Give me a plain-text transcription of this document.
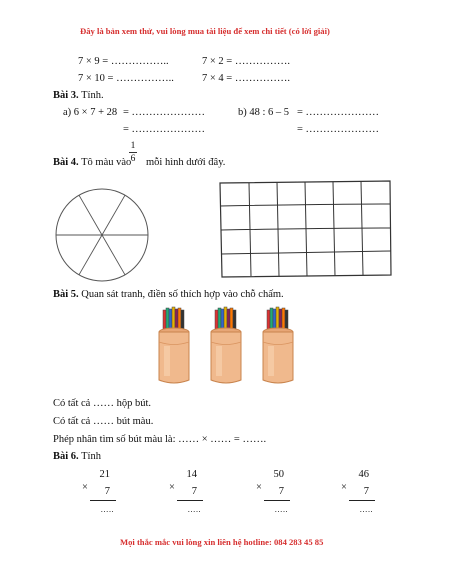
Đây là bản xem thử, vui lòng mua tài liệu để xem chi tiết (có lời giải)
7 × 9 = ……………..	7 × 2 = …………….
7 × 10 = ……………..	7 × 4 = …………….
Bài 3. Tính.
a) 6 × 7 + 28 = …………………
= …………………
b) 48 : 6 – 5 = …………………
= …………………
Bài 4. Tô màu vào
1
6 mỗi hình dưới đây.
Bài 5. Quan sát tranh, điền số thích hợp vào chỗ chấm.
Có tất cả …… hộp bút.
Có tất cả …… bút màu.
Phép nhân tìm số bút màu là: …… × …… = …….
Bài 6. Tính
×
21
7
…..
×
14
7
…..
×
50
7
…..
×
46
7
…..
Mọi thắc mắc vui lòng xin liên hệ hotline: 084 283 45 85
